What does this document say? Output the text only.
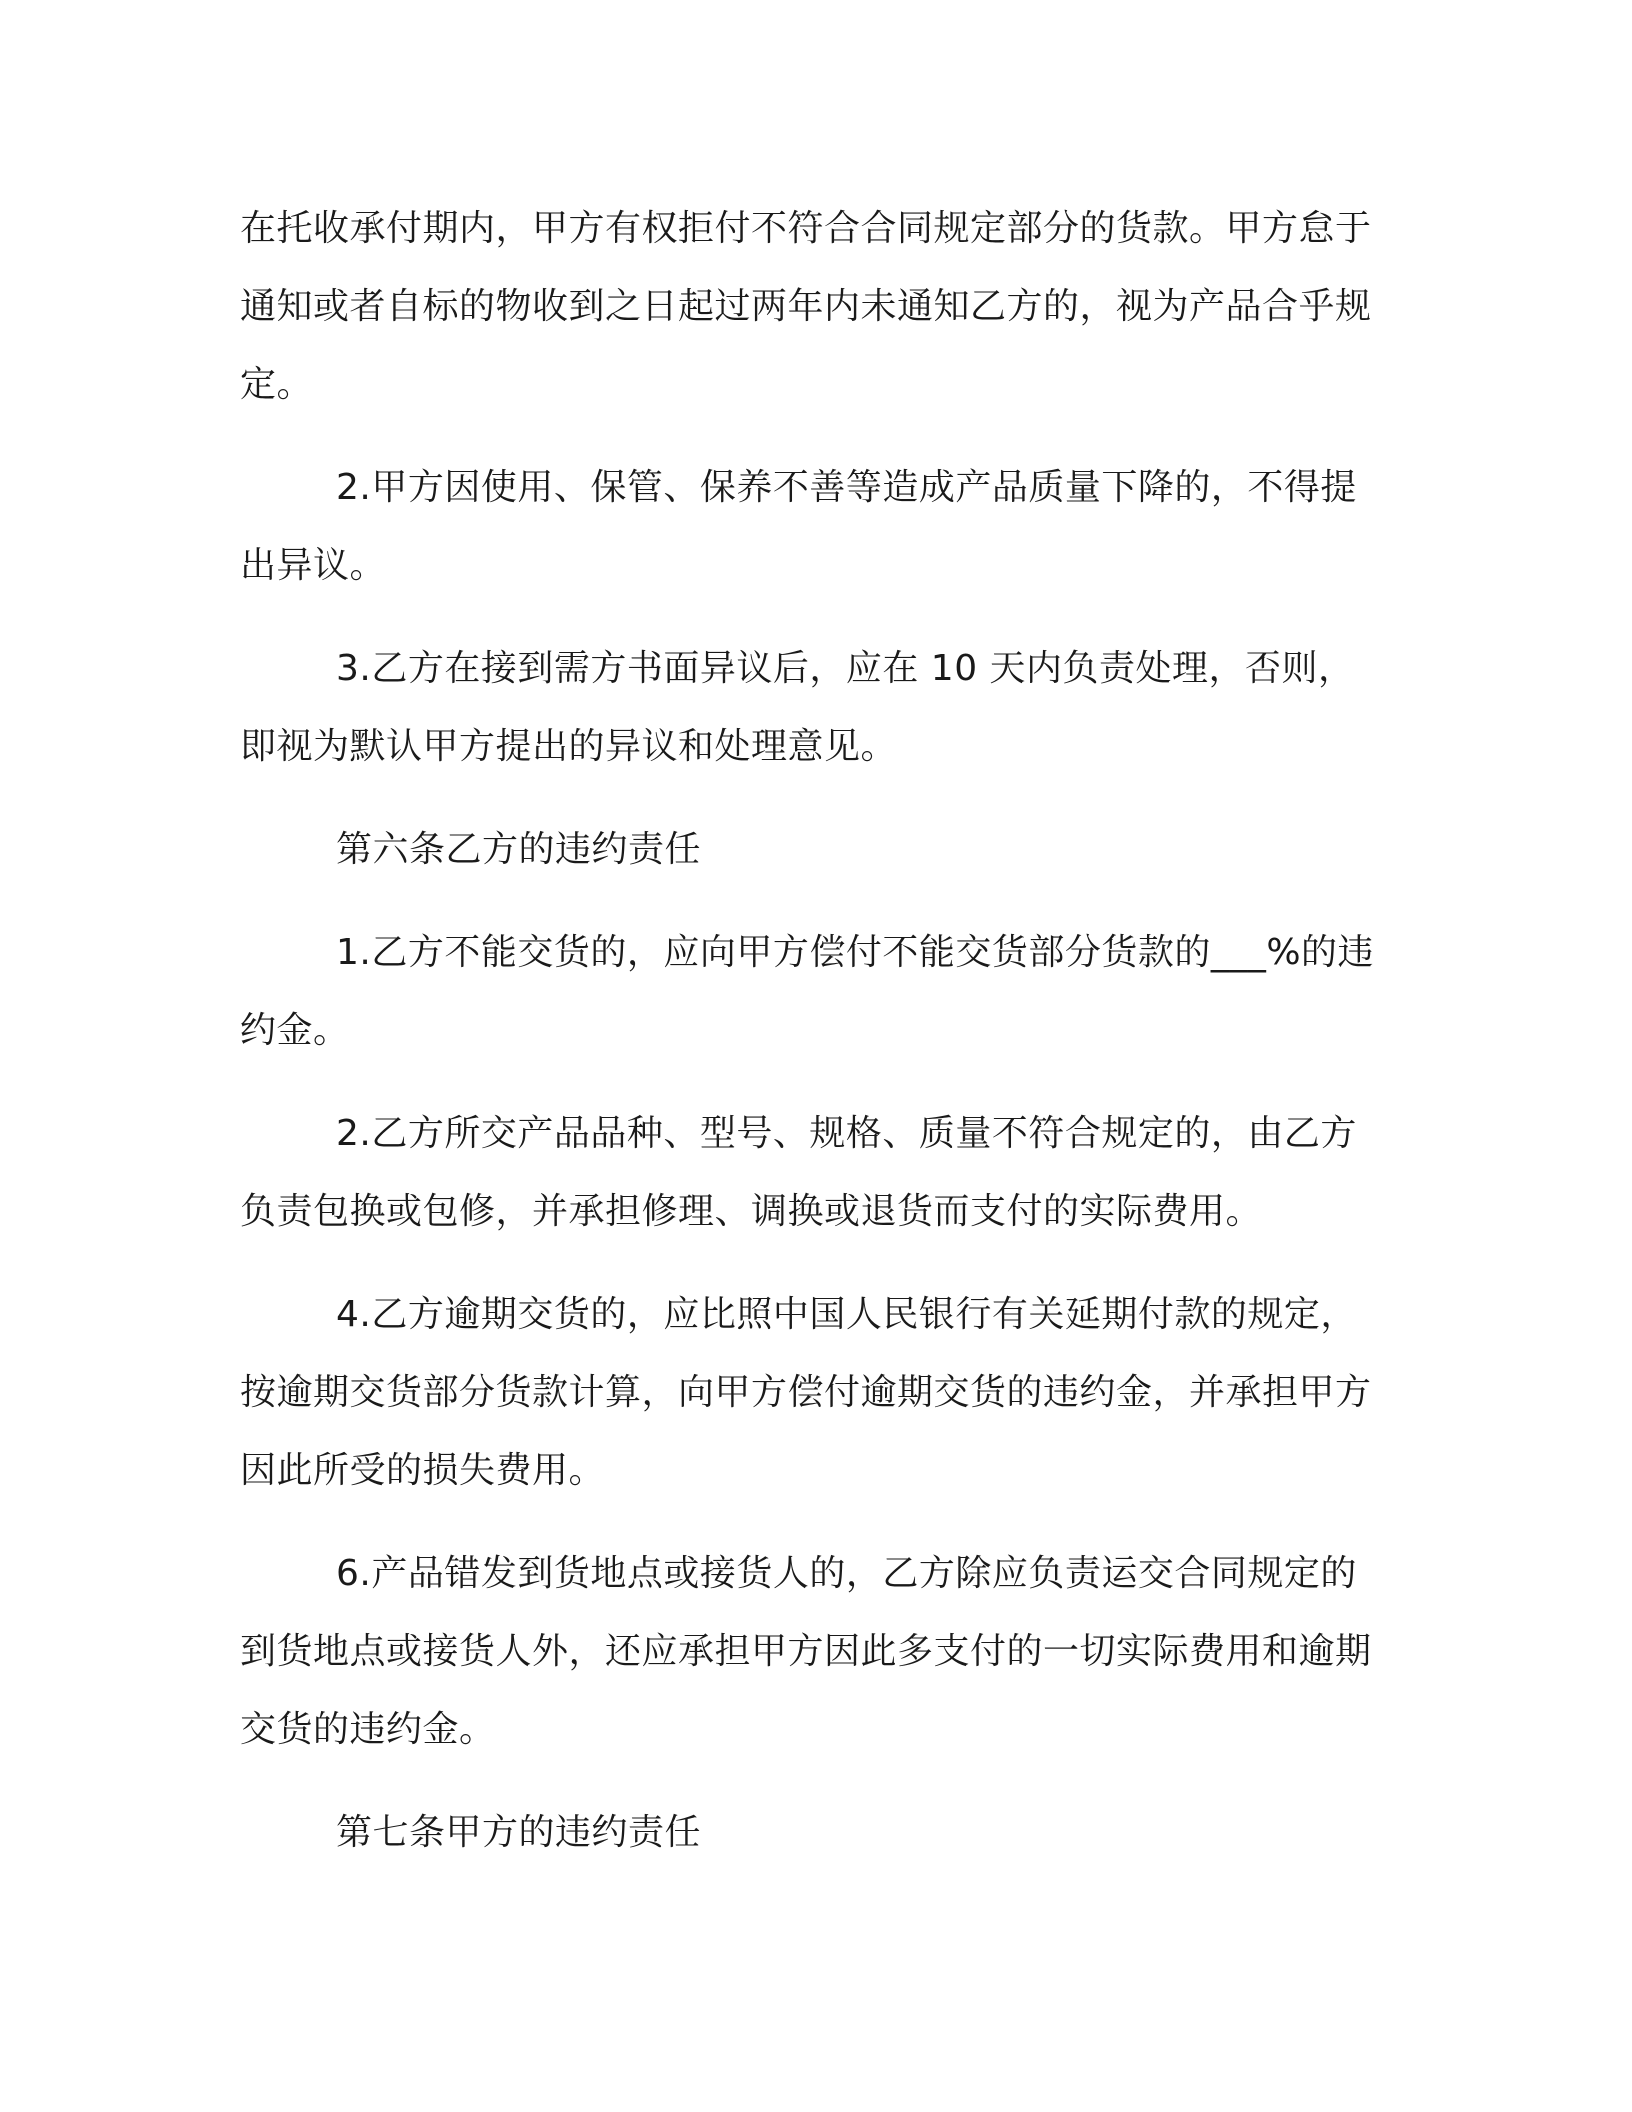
在托收承付期内，甲方有权拒付不符合合同规定部分的货款。甲方怠于通知或者自标的物收到之日起过两年内未通知乙方的，视为产品合乎规定。

2.甲方因使用、保管、保养不善等造成产品质量下降的，不得提出异议。

3.乙方在接到需方书面异议后，应在 10 天内负责处理，否则，即视为默认甲方提出的异议和处理意见。

第六条乙方的违约责任

1.乙方不能交货的，应向甲方偿付不能交货部分货款的___%的违约金。

2.乙方所交产品品种、型号、规格、质量不符合规定的，由乙方负责包换或包修，并承担修理、调换或退货而支付的实际费用。

4.乙方逾期交货的，应比照中国人民银行有关延期付款的规定，按逾期交货部分货款计算，向甲方偿付逾期交货的违约金，并承担甲方因此所受的损失费用。

6.产品错发到货地点或接货人的，乙方除应负责运交合同规定的到货地点或接货人外，还应承担甲方因此多支付的一切实际费用和逾期交货的违约金。

第七条甲方的违约责任
